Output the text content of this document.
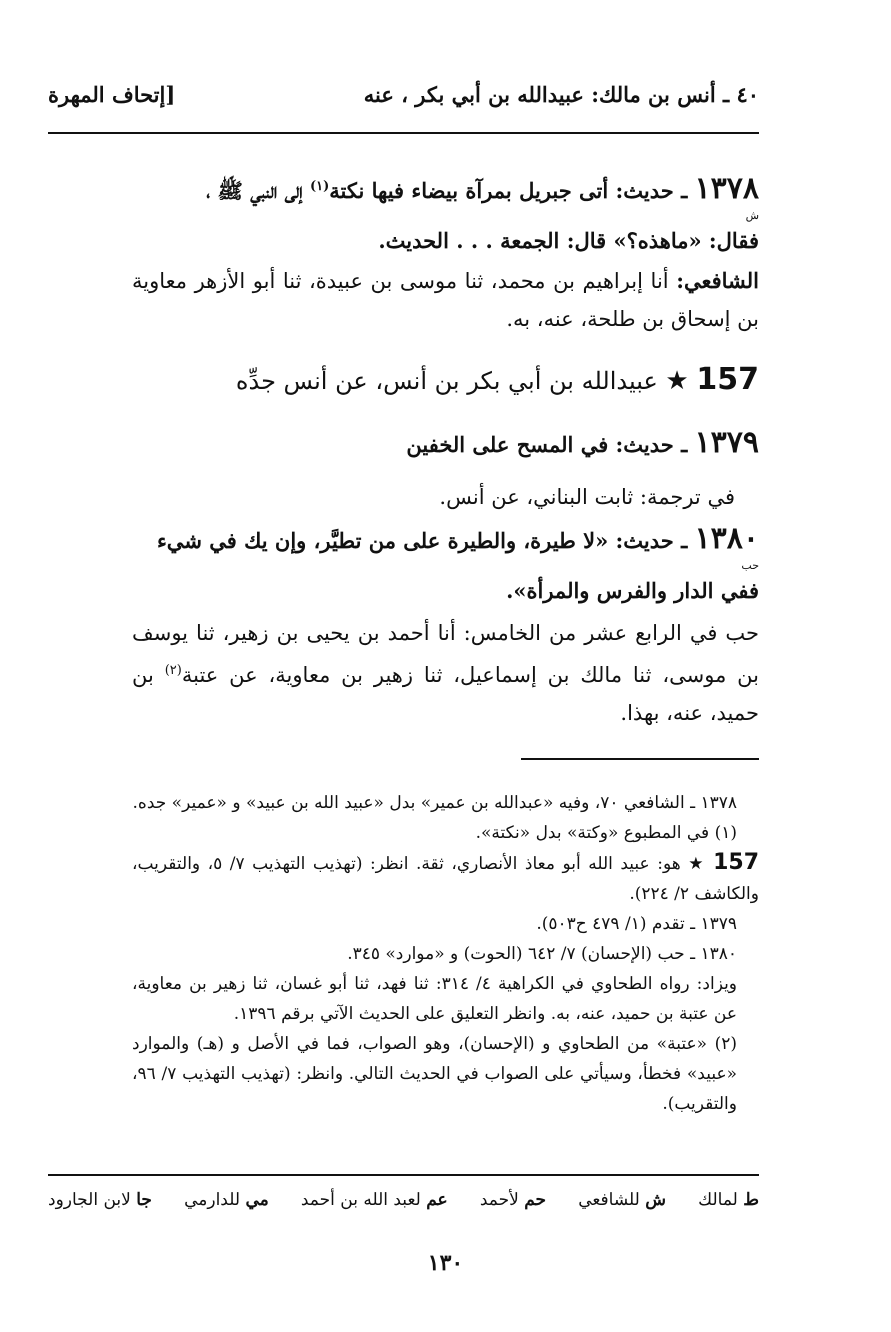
٤٠ ـ أنس بن مالك: عبيدالله بن أبي بكر ، عنه
[إتحاف المهرة
١٣٧٨ ـ حديث: أتى جبريل بمرآة بيضاء فيها نكتة$^{(١)}$ إلى النبي ﷺ ،
ش
فقال: «ماهذه؟» قال: الجمعة . . . الحديث.
الشافعي: أنا إبراهيم بن محمد، ثنا موسى بن عبيدة، ثنا أبو الأزهر معاوية بن إسحاق بن طلحة، عنه، به.
157 ★ عبيدالله بن أبي بكر بن أنس، عن أنس جدِّه
١٣٧٩ ـ حديث: في المسح على الخفين
في ترجمة: ثابت البناني، عن أنس.
١٣٨٠ ـ حديث: «لا طيرة، والطيرة على من تطيَّر، وإن يك في شيء
حب
ففي الدار والفرس والمرأة».
حب في الرابع عشر من الخامس: أنا أحمد بن يحيى بن زهير، ثنا يوسف بن موسى، ثنا مالك بن إسماعيل، ثنا زهير بن معاوية، عن عتبة$^{(٢)}$ بن حميد، عنه، بهذا.
١٣٧٨ ـ الشافعي ٧٠، وفيه «عبدالله بن عمير» بدل «عبيد الله بن عبيد» و «عمير» جده.
(١) في المطبوع «وكتة» بدل «نكتة».
157 ★ هو: عبيد الله أبو معاذ الأنصاري، ثقة. انظر: (تهذيب التهذيب ٧/ ٥، والتقريب، والكاشف ٢/ ٢٢٤).
١٣٧٩ ـ تقدم (١/ ٤٧٩ ح٥٠٣).
١٣٨٠ ـ حب (الإحسان) ٧/ ٦٤٢ (الحوت) و «موارد» ٣٤٥.
ويزاد: رواه الطحاوي في الكراهية ٤/ ٣١٤: ثنا فهد، ثنا أبو غسان، ثنا زهير بن معاوية، عن عتبة بن حميد، عنه، به. وانظر التعليق على الحديث الآتي برقم ١٣٩٦.
(٢) «عتبة» من الطحاوي و (الإحسان)، وهو الصواب، فما في الأصل و (هـ) والموارد «عبيد» فخطأ، وسيأتي على الصواب في الحديث التالي. وانظر: (تهذيب التهذيب ٧/ ٩٦، والتقريب).
ط لمالك
ش للشافعي
حم لأحمد
عم لعبد الله بن أحمد
مي للدارمي
جا لابن الجارود
١٣٠
